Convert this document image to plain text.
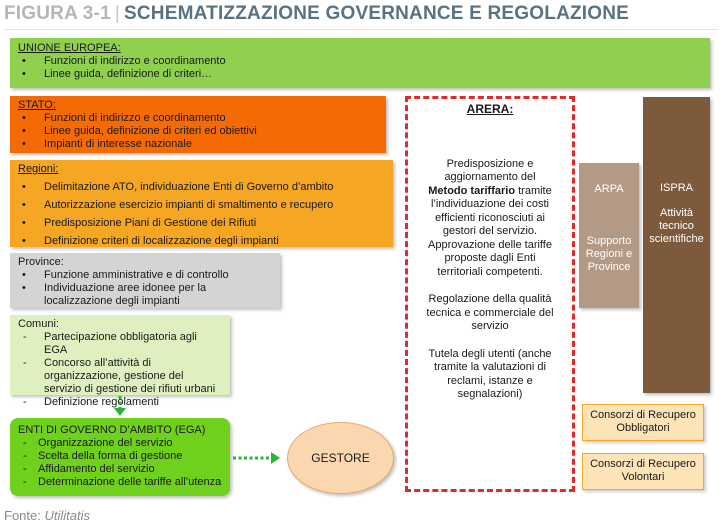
FIGURA 3-1 | SCHEMATIZZAZIONE GOVERNANCE E REGOLAZIONE
UNIONE EUROPEA:
• Funzioni di indirizzo e coordinamento
• Linee guida, definizione di criteri…
STATO:
• Funzioni di indirizzo e coordinamento
• Linee guida, definizione di criteri ed obiettivi
• Impianti di interesse nazionale
Regioni:
• Delimitazione ATO, individuazione Enti di Governo d’ambito
• Autorizzazione esercizio impianti di smaltimento e recupero
• Predisposizione Piani di Gestione dei Rifiuti
• Definizione criteri di localizzazione degli impianti
Province:
• Funzione amministrative e di controllo
• Individuazione aree idonee per la localizzazione degli impianti
Comuni:
- Partecipazione obbligatoria agli EGA
- Concorso all’attività di organizzazione, gestione del servizio di gestione dei rifiuti urbani
- Definizione regolamenti
ENTI DI GOVERNO D’AMBITO (EGA)
- Organizzazione del servizio
- Scelta della forma di gestione
- Affidamento del servizio
- Determinazione delle tariffe all’utenza
GESTORE
ARERA:
Predisposizione e aggiornamento del Metodo tariffario tramite l’individuazione dei costi efficienti riconosciuti ai gestori del servizio. Approvazione delle tariffe proposte dagli Enti territoriali competenti.
Regolazione della qualità tecnica e commerciale del servizio
Tutela degli utenti (anche tramite la valutazioni di reclami, istanze e segnalazioni)
ARPA
Supporto Regioni e Province
ISPRA
Attività tecnico scientifiche
Consorzi di Recupero Obbligatori
Consorzi di Recupero Volontari
Fonte: Utilitatis
